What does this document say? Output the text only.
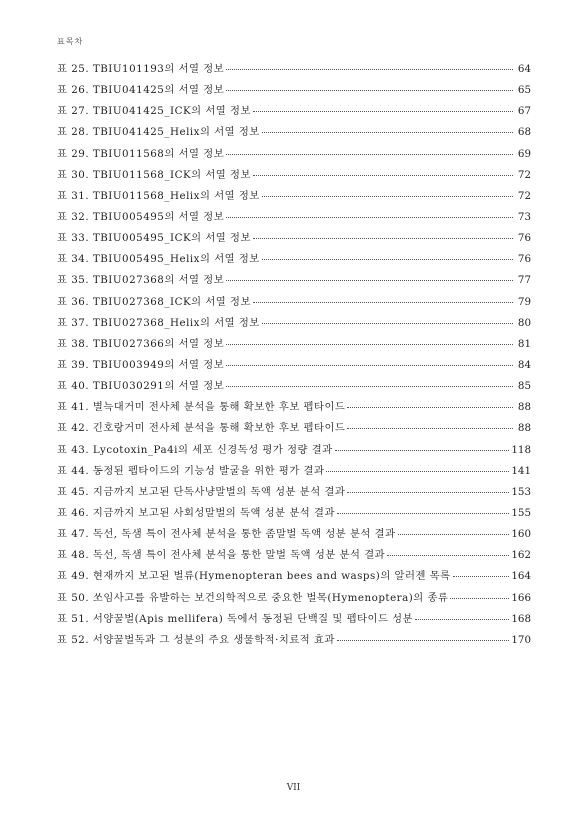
표목차
표 25. TBIU101193의 서열 정보	64
표 26. TBIU041425의 서열 정보	65
표 27. TBIU041425_ICK의 서열 정보	67
표 28. TBIU041425_Helix의 서열 정보	68
표 29. TBIU011568의 서열 정보	69
표 30. TBIU011568_ICK의 서열 정보	72
표 31. TBIU011568_Helix의 서열 정보	72
표 32. TBIU005495의 서열 정보	73
표 33. TBIU005495_ICK의 서열 정보	76
표 34. TBIU005495_Helix의 서열 정보	76
표 35. TBIU027368의 서열 정보	77
표 36. TBIU027368_ICK의 서열 정보	79
표 37. TBIU027368_Helix의 서열 정보	80
표 38. TBIU027366의 서열 정보	81
표 39. TBIU003949의 서열 정보	84
표 40. TBIU030291의 서열 정보	85
표 41. 별늑대거미 전사체 분석을 통해 확보한 후보 펩타이드	88
표 42. 긴호랑거미 전사체 분석을 통해 확보한 후보 펩타이드	88
표 43. Lycotoxin_Pa4i의 세포 신경독성 평가 정량 결과	118
표 44. 동정된 펩타이드의 기능성 발굴을 위한 평가 결과	141
표 45. 지금까지 보고된 단독사냥말벌의 독액 성분 분석 결과	153
표 46. 지금까지 보고된 사회성말벌의 독액 성분 분석 결과	155
표 47. 독선, 독샘 특이 전사체 분석을 통한 좀말벌 독액 성분 분석 결과	160
표 48. 독선, 독샘 특이 전사체 분석을 통한 말벌 독액 성분 분석 결과	162
표 49. 현재까지 보고된 벌류(Hymenopteran bees and wasps)의 알러젠 목록	164
표 50. 쏘임사고를 유발하는 보건의학적으로 중요한 벌목(Hymenoptera)의 종류	166
표 51. 서양꿀벌(Apis mellifera) 독에서 동정된 단백질 및 펩타이드 성분	168
표 52. 서양꿀벌독과 그 성분의 주요 생물학적·치료적 효과	170
VII
